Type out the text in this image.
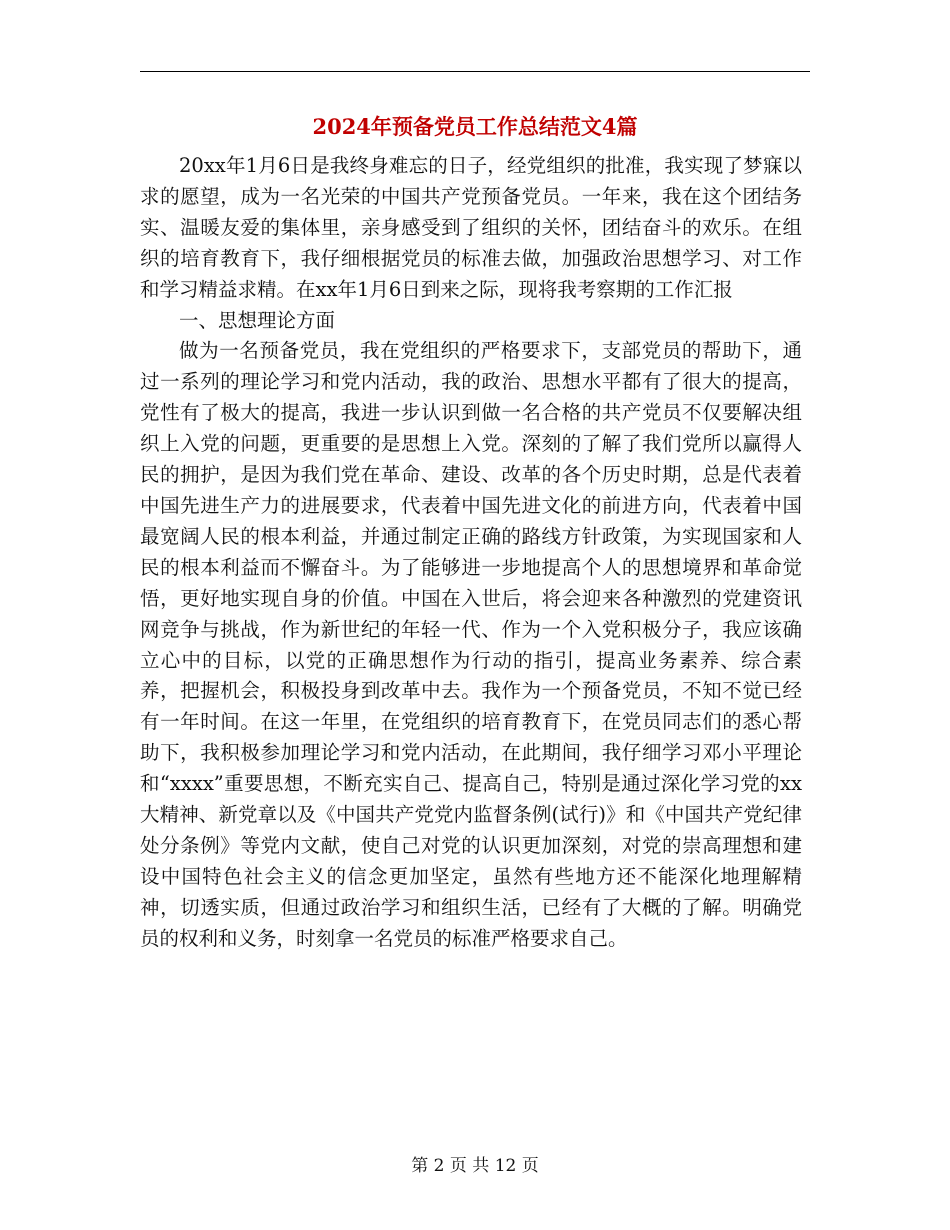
2024年预备党员工作总结范文4篇

20xx年1月6日是我终身难忘的日子，经党组织的批准，我实现了梦寐以求的愿望，成为一名光荣的中国共产党预备党员。一年来，我在这个团结务实、温暖友爱的集体里，亲身感受到了组织的关怀，团结奋斗的欢乐。在组织的培育教育下，我仔细根据党员的标准去做，加强政治思想学习、对工作和学习精益求精。在xx年1月6日到来之际，现将我考察期的工作汇报

一、思想理论方面

做为一名预备党员，我在党组织的严格要求下，支部党员的帮助下，通过一系列的理论学习和党内活动，我的政治、思想水平都有了很大的提高，党性有了极大的提高，我进一步认识到做一名合格的共产党员不仅要解决组织上入党的问题，更重要的是思想上入党。深刻的了解了我们党所以赢得人民的拥护，是因为我们党在革命、建设、改革的各个历史时期，总是代表着中国先进生产力的进展要求，代表着中国先进文化的前进方向，代表着中国最宽阔人民的根本利益，并通过制定正确的路线方针政策，为实现国家和人民的根本利益而不懈奋斗。为了能够进一步地提高个人的思想境界和革命觉悟，更好地实现自身的价值。中国在入世后，将会迎来各种激烈的党建资讯网竞争与挑战，作为新世纪的年轻一代、作为一个入党积极分子，我应该确立心中的目标，以党的正确思想作为行动的指引，提高业务素养、综合素养，把握机会，积极投身到改革中去。我作为一个预备党员，不知不觉已经有一年时间。在这一年里，在党组织的培育教育下，在党员同志们的悉心帮助下，我积极参加理论学习和党内活动，在此期间，我仔细学习邓小平理论和“xxxx”重要思想，不断充实自己、提高自己，特别是通过深化学习党的xx大精神、新党章以及《中国共产党党内监督条例(试行)》和《中国共产党纪律处分条例》等党内文献，使自己对党的认识更加深刻，对党的崇高理想和建设中国特色社会主义的信念更加坚定，虽然有些地方还不能深化地理解精神，切透实质，但通过政治学习和组织生活，已经有了大概的了解。明确党员的权利和义务，时刻拿一名党员的标准严格要求自己。

第 2 页 共 12 页
